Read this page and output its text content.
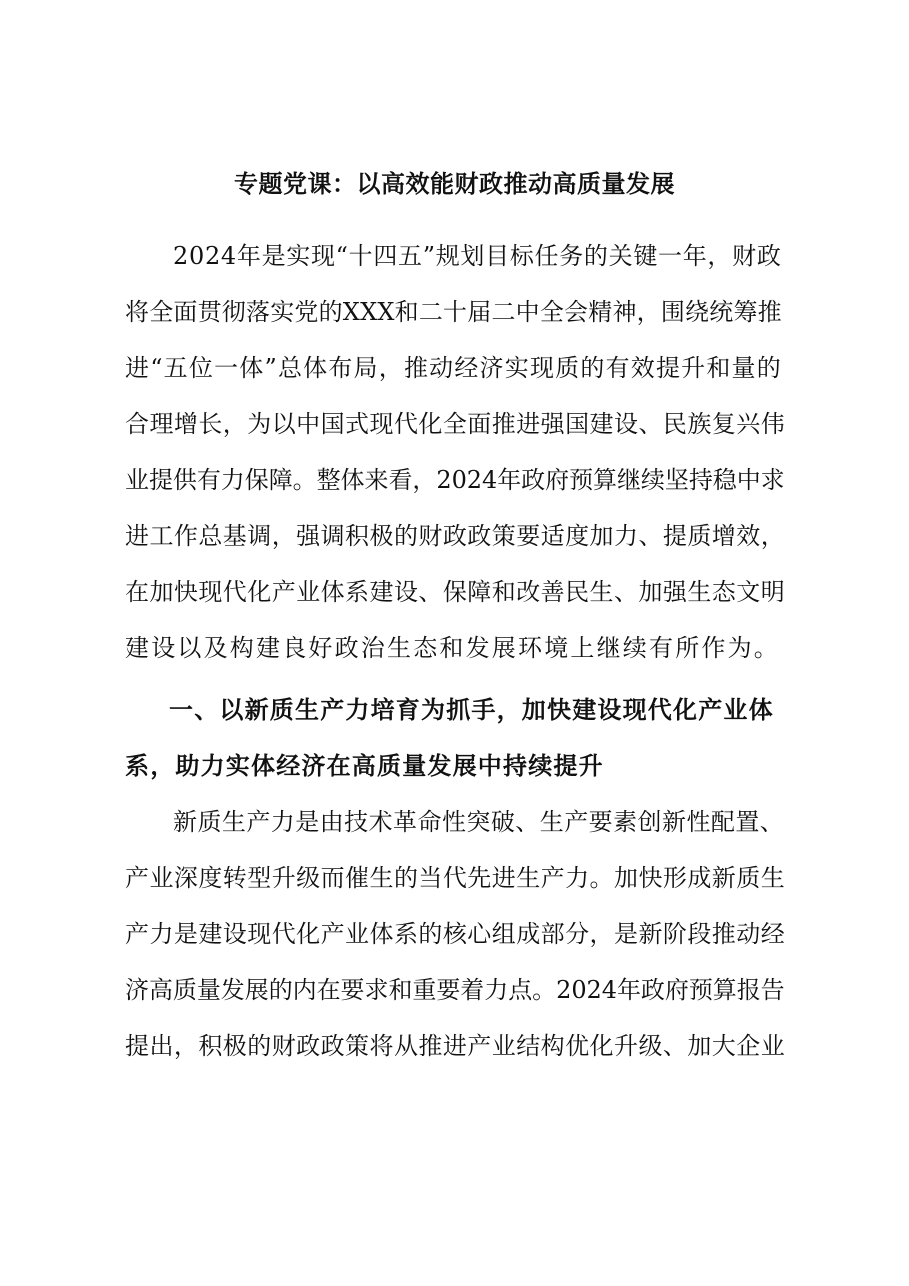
专题党课：以高效能财政推动高质量发展
2024年是实现“十四五”规划目标任务的关键一年，财政
将全面贯彻落实党的XXX和二十届二中全会精神，围绕统筹推
进“五位一体”总体布局，推动经济实现质的有效提升和量的
合理增长，为以中国式现代化全面推进强国建设、民族复兴伟
业提供有力保障。整体来看，2024年政府预算继续坚持稳中求
进工作总基调，强调积极的财政政策要适度加力、提质增效，
在加快现代化产业体系建设、保障和改善民生、加强生态文明
建设以及构建良好政治生态和发展环境上继续有所作为。
一、以新质生产力培育为抓手，加快建设现代化产业体
系，助力实体经济在高质量发展中持续提升
新质生产力是由技术革命性突破、生产要素创新性配置、
产业深度转型升级而催生的当代先进生产力。加快形成新质生
产力是建设现代化产业体系的核心组成部分，是新阶段推动经
济高质量发展的内在要求和重要着力点。2024年政府预算报告
提出，积极的财政政策将从推进产业结构优化升级、加大企业
